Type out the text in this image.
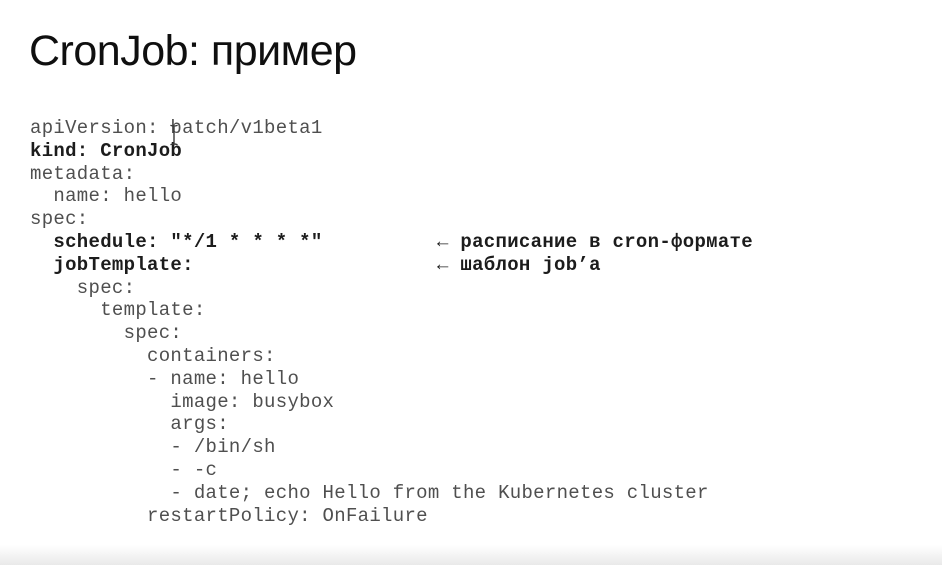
CronJob: пример
apiVersion: batch/v1beta1
kind: CronJob
metadata:
name: hello
spec:
schedule: "*/1 * * * *"	← расписание в cron-формате
jobTemplate:	← шаблон job’a
spec:
template:
spec:
containers:
- name: hello
image: busybox
args:
- /bin/sh
- -c
- date; echo Hello from the Kubernetes cluster
restartPolicy: OnFailure
